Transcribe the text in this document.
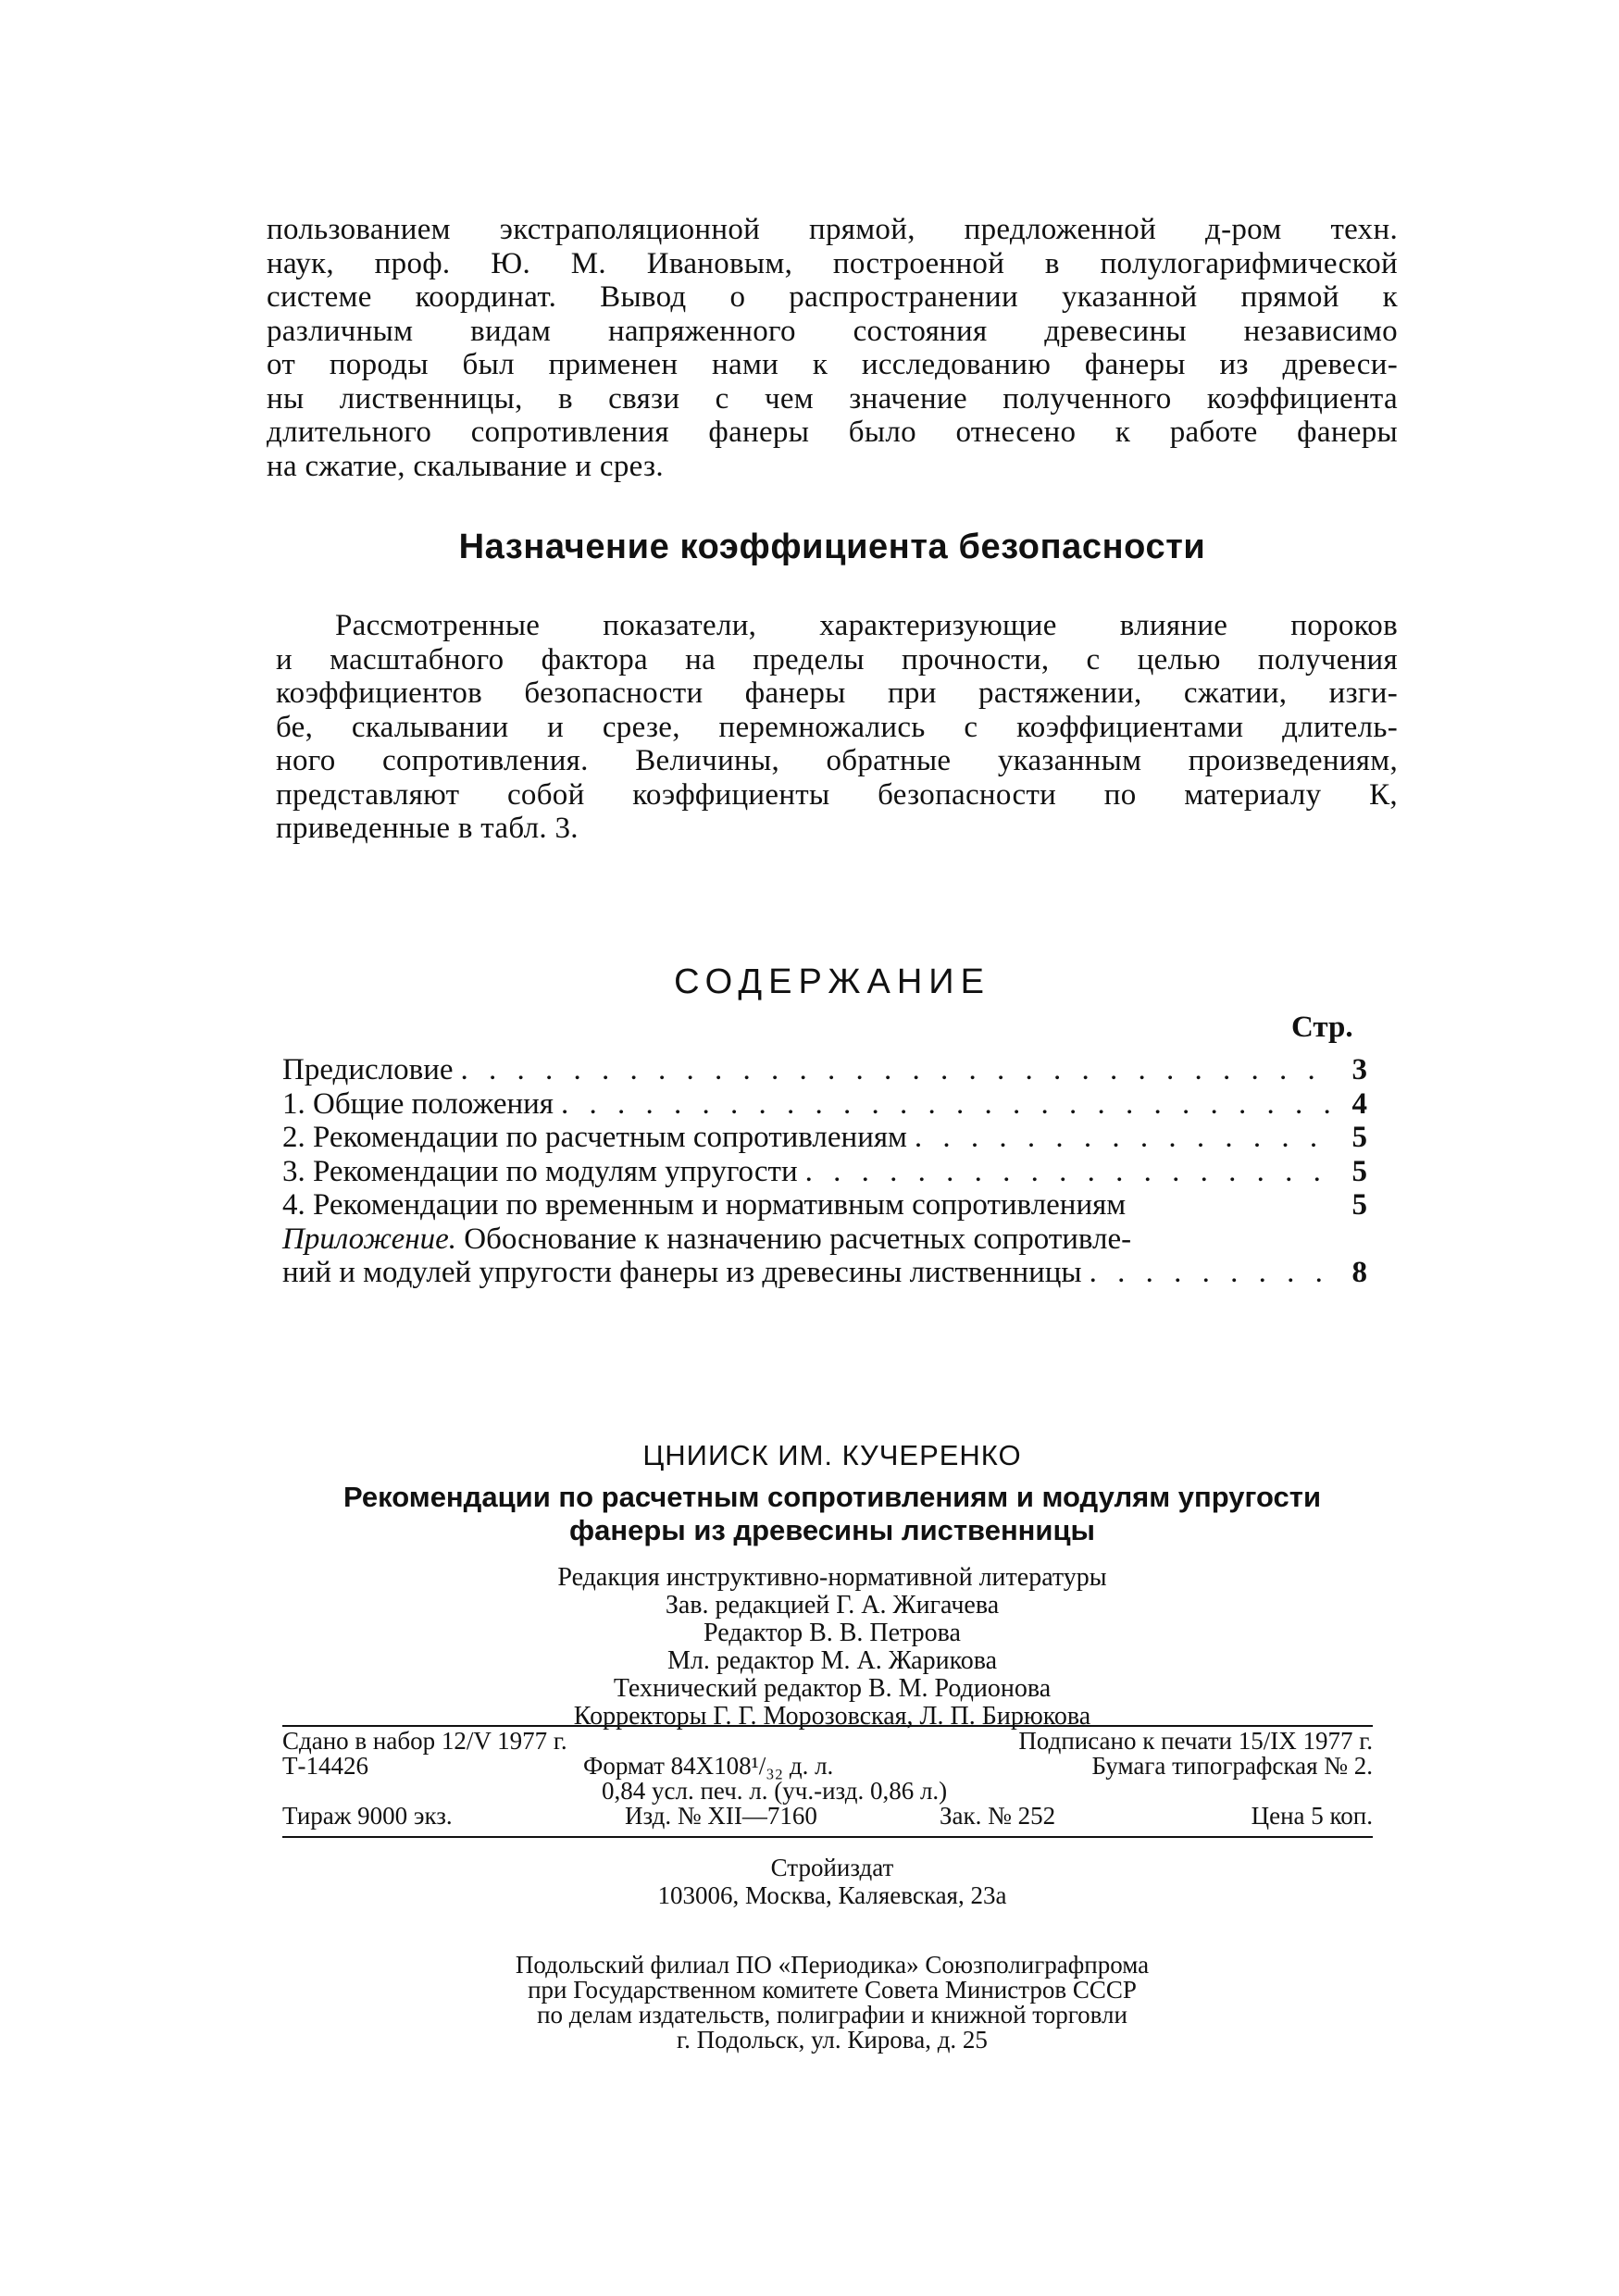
пользованием экстраполяционной прямой, предложенной д-ром техн.
наук, проф. Ю. М. Ивановым, построенной в полулогарифмической
системе координат. Вывод о распространении указанной прямой к
различным видам напряженного состояния древесины независимо
от породы был применен нами к исследованию фанеры из древеси-
ны лиственницы, в связи с чем значение полученного коэффициента
длительного сопротивления фанеры было отнесено к работе фанеры
на сжатие, скалывание и срез.
Назначение коэффициента безопасности
Рассмотренные показатели, характеризующие влияние пороков
и масштабного фактора на пределы прочности, с целью получения
коэффициентов безопасности фанеры при растяжении, сжатии, изги-
бе, скалывании и срезе, перемножались с коэффициентами длитель-
ного сопротивления. Величины, обратные указанным произведениям,
представляют собой коэффициенты безопасности по материалу К,
приведенные в табл. 3.
СОДЕРЖАНИЕ
Стр.
Предисловие . . .	3
1. Общие положения . . .	4
2. Рекомендации по расчетным сопротивлениям . . .	5
3. Рекомендации по модулям упругости . . .	5
4. Рекомендации по временным и нормативным сопротивлениям	5
Приложение. Обоснование к назначению расчетных сопротивле-
ний и модулей упругости фанеры из древесины лиственницы . . .	8
ЦНИИСК ИМ. КУЧЕРЕНКО
Рекомендации по расчетным сопротивлениям и модулям упругости
фанеры из древесины лиственницы
Редакция инструктивно-нормативной литературы
Зав. редакцией Г. А. Жигачева
Редактор В. В. Петрова
Мл. редактор М. А. Жарикова
Технический редактор В. М. Родионова
Корректоры Г. Г. Морозовская, Л. П. Бирюкова
Сдано в набор 12/V 1977 г.	Подписано к печати 15/IX 1977 г.
Т-14426	Формат 84X108¹/₃₂ д. л.	Бумага типографская № 2.
0,84 усл. печ. л. (уч.-изд. 0,86 л.)
Тираж 9000 экз.	Изд. № XII—7160	Зак. № 252	Цена 5 коп.
Стройиздат
103006, Москва, Каляевская, 23а
Подольский филиал ПО «Периодика» Союзполиграфпрома
при Государственном комитете Совета Министров СССР
по делам издательств, полиграфии и книжной торговли
г. Подольск, ул. Кирова, д. 25
